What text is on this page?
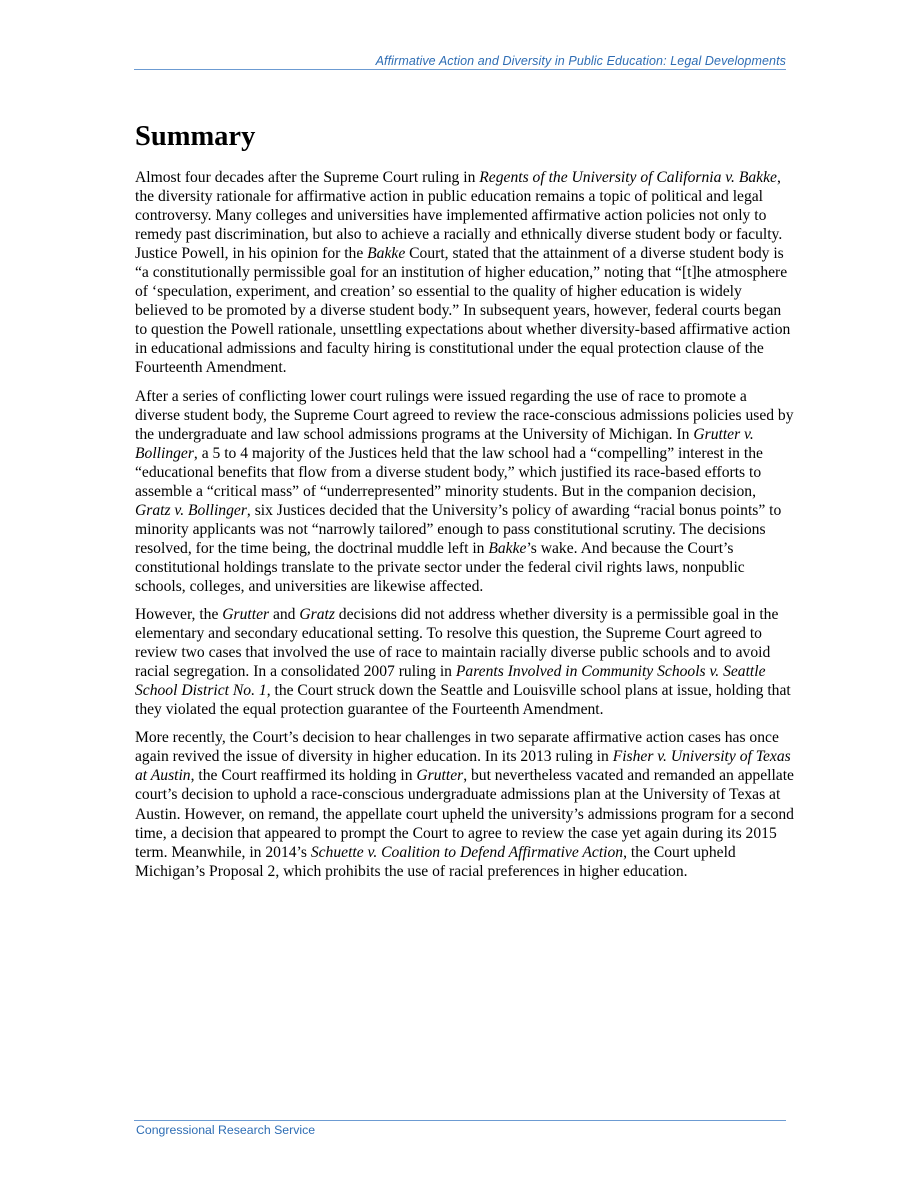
Affirmative Action and Diversity in Public Education: Legal Developments
Summary

Almost four decades after the Supreme Court ruling in Regents of the University of California v. Bakke, the diversity rationale for affirmative action in public education remains a topic of political and legal controversy. Many colleges and universities have implemented affirmative action policies not only to remedy past discrimination, but also to achieve a racially and ethnically diverse student body or faculty. Justice Powell, in his opinion for the Bakke Court, stated that the attainment of a diverse student body is “a constitutionally permissible goal for an institution of higher education,” noting that “[t]he atmosphere of ‘speculation, experiment, and creation’ so essential to the quality of higher education is widely believed to be promoted by a diverse student body.” In subsequent years, however, federal courts began to question the Powell rationale, unsettling expectations about whether diversity-based affirmative action in educational admissions and faculty hiring is constitutional under the equal protection clause of the Fourteenth Amendment.

After a series of conflicting lower court rulings were issued regarding the use of race to promote a diverse student body, the Supreme Court agreed to review the race-conscious admissions policies used by the undergraduate and law school admissions programs at the University of Michigan. In Grutter v. Bollinger, a 5 to 4 majority of the Justices held that the law school had a “compelling” interest in the “educational benefits that flow from a diverse student body,” which justified its race-based efforts to assemble a “critical mass” of “underrepresented” minority students. But in the companion decision, Gratz v. Bollinger, six Justices decided that the University’s policy of awarding “racial bonus points” to minority applicants was not “narrowly tailored” enough to pass constitutional scrutiny. The decisions resolved, for the time being, the doctrinal muddle left in Bakke’s wake. And because the Court’s constitutional holdings translate to the private sector under the federal civil rights laws, nonpublic schools, colleges, and universities are likewise affected.

However, the Grutter and Gratz decisions did not address whether diversity is a permissible goal in the elementary and secondary educational setting. To resolve this question, the Supreme Court agreed to review two cases that involved the use of race to maintain racially diverse public schools and to avoid racial segregation. In a consolidated 2007 ruling in Parents Involved in Community Schools v. Seattle School District No. 1, the Court struck down the Seattle and Louisville school plans at issue, holding that they violated the equal protection guarantee of the Fourteenth Amendment.

More recently, the Court’s decision to hear challenges in two separate affirmative action cases has once again revived the issue of diversity in higher education. In its 2013 ruling in Fisher v. University of Texas at Austin, the Court reaffirmed its holding in Grutter, but nevertheless vacated and remanded an appellate court’s decision to uphold a race-conscious undergraduate admissions plan at the University of Texas at Austin. However, on remand, the appellate court upheld the university’s admissions program for a second time, a decision that appeared to prompt the Court to agree to review the case yet again during its 2015 term. Meanwhile, in 2014’s Schuette v. Coalition to Defend Affirmative Action, the Court upheld Michigan’s Proposal 2, which prohibits the use of racial preferences in higher education.

Congressional Research Service
